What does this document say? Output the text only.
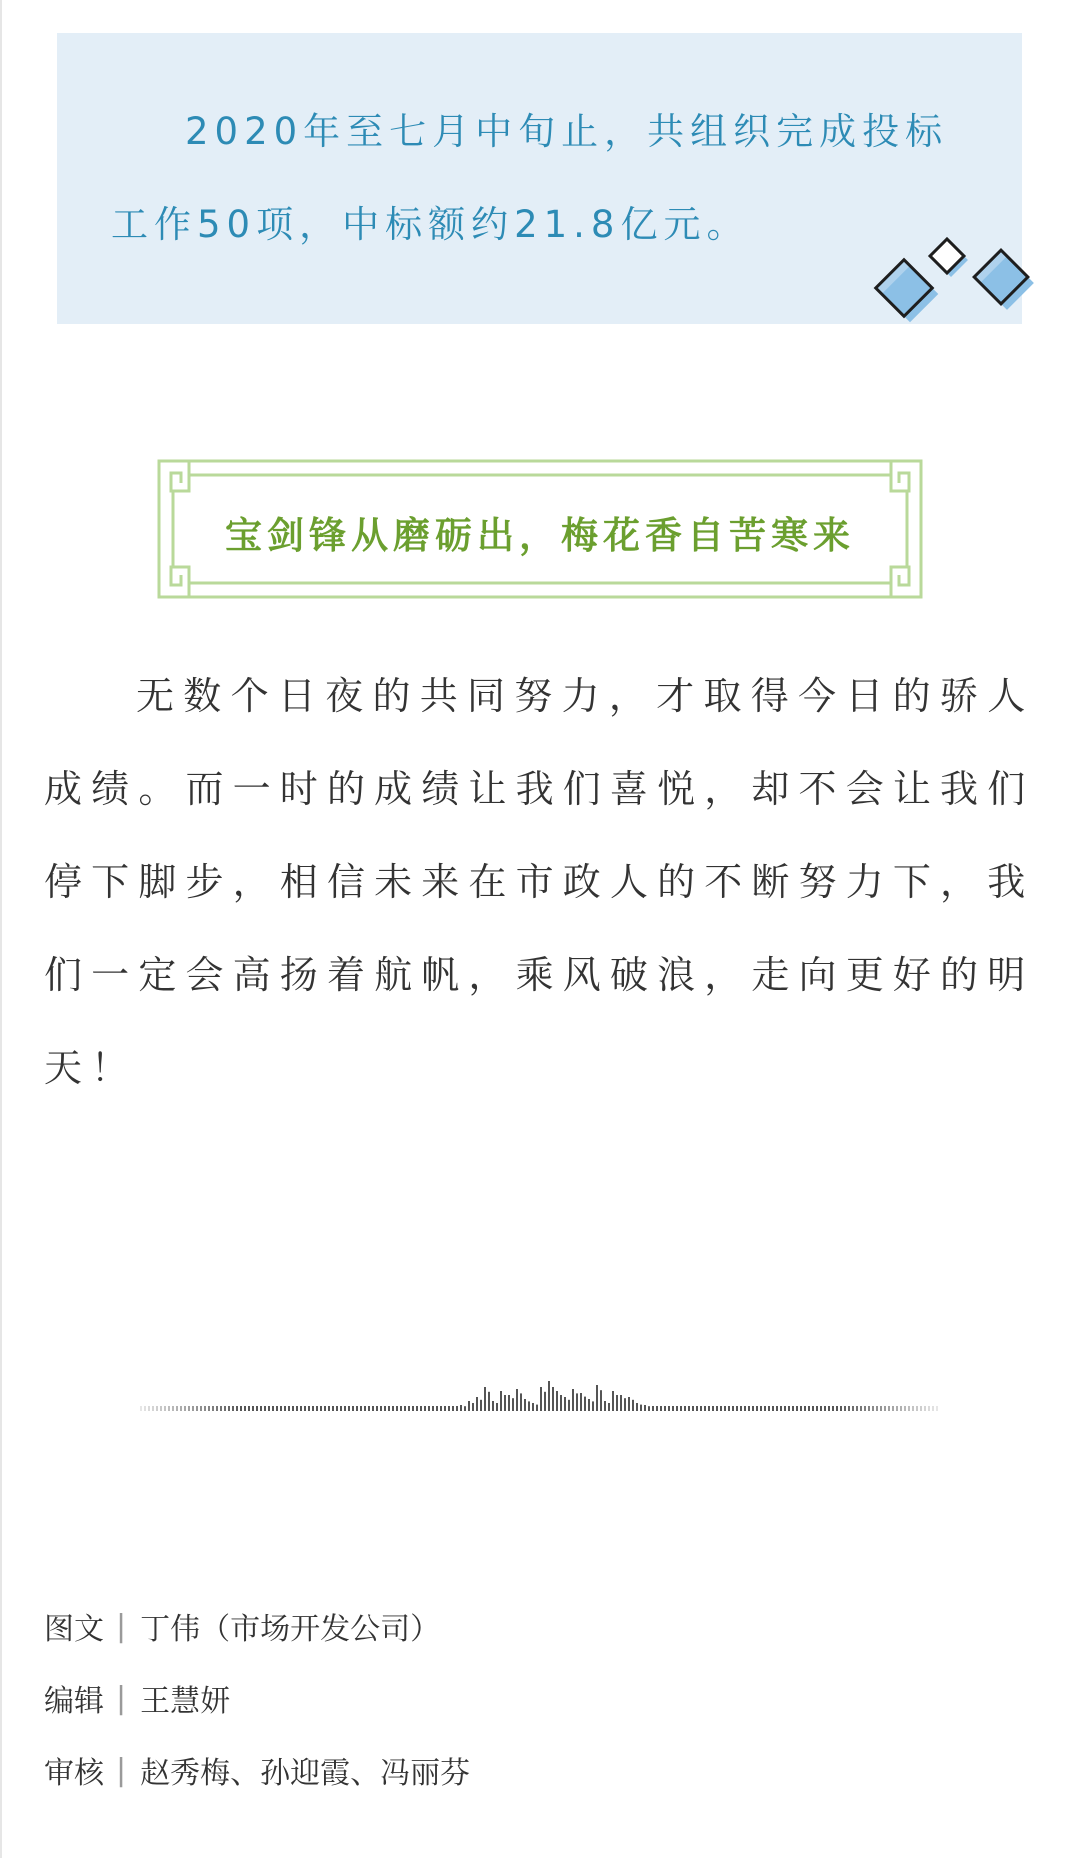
2020年至七月中旬止，共组织完成投标工作50项，中标额约21.8亿元。

宝剑锋从磨砺出，梅花香自苦寒来

无数个日夜的共同努力，才取得今日的骄人成绩。而一时的成绩让我们喜悦，却不会让我们停下脚步，相信未来在市政人的不断努力下，我们一定会高扬着航帆，乘风破浪，走向更好的明天！

图文 | 丁伟（市场开发公司）
编辑 | 王慧妍
审核 | 赵秀梅、孙迎霞、冯丽芬
